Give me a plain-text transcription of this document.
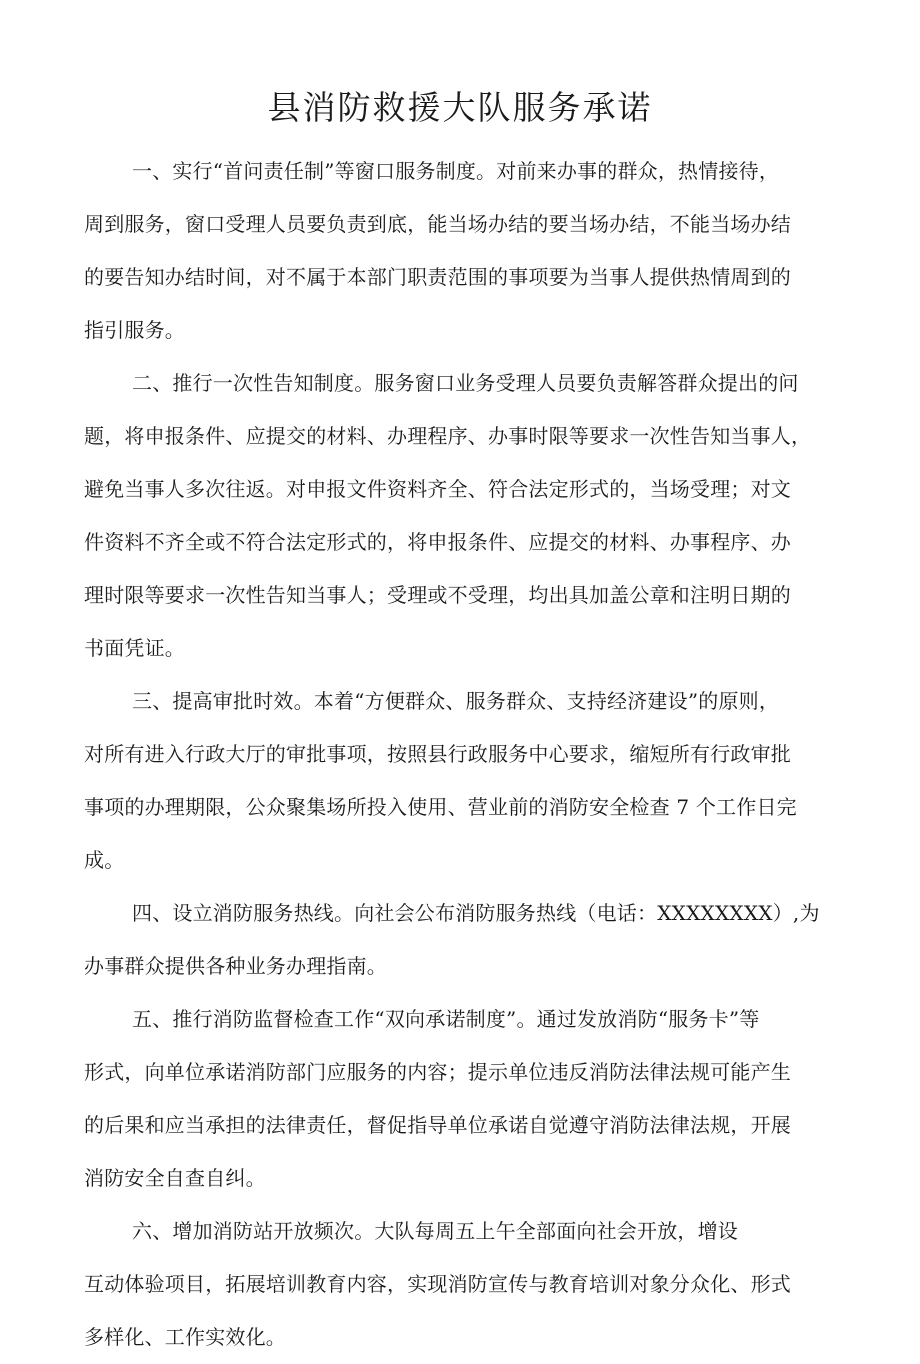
县消防救援大队服务承诺

一、实行“首问责任制”等窗口服务制度。对前来办事的群众，热情接待，
周到服务，窗口受理人员要负责到底，能当场办结的要当场办结，不能当场办结
的要告知办结时间，对不属于本部门职责范围的事项要为当事人提供热情周到的
指引服务。

二、推行一次性告知制度。服务窗口业务受理人员要负责解答群众提出的问
题，将申报条件、应提交的材料、办理程序、办事时限等要求一次性告知当事人，
避免当事人多次往返。对申报文件资料齐全、符合法定形式的，当场受理；对文
件资料不齐全或不符合法定形式的，将申报条件、应提交的材料、办事程序、办
理时限等要求一次性告知当事人；受理或不受理，均出具加盖公章和注明日期的
书面凭证。

三、提高审批时效。本着“方便群众、服务群众、支持经济建设”的原则，
对所有进入行政大厅的审批事项，按照县行政服务中心要求，缩短所有行政审批
事项的办理期限，公众聚集场所投入使用、营业前的消防安全检查 7 个工作日完
成。

四、设立消防服务热线。向社会公布消防服务热线（电话：XXXXXXXX）,为
办事群众提供各种业务办理指南。

五、推行消防监督检查工作“双向承诺制度”。通过发放消防“服务卡”等
形式，向单位承诺消防部门应服务的内容；提示单位违反消防法律法规可能产生
的后果和应当承担的法律责任，督促指导单位承诺自觉遵守消防法律法规，开展
消防安全自查自纠。

六、增加消防站开放频次。大队每周五上午全部面向社会开放，增设
互动体验项目，拓展培训教育内容，实现消防宣传与教育培训对象分众化、形式
多样化、工作实效化。
